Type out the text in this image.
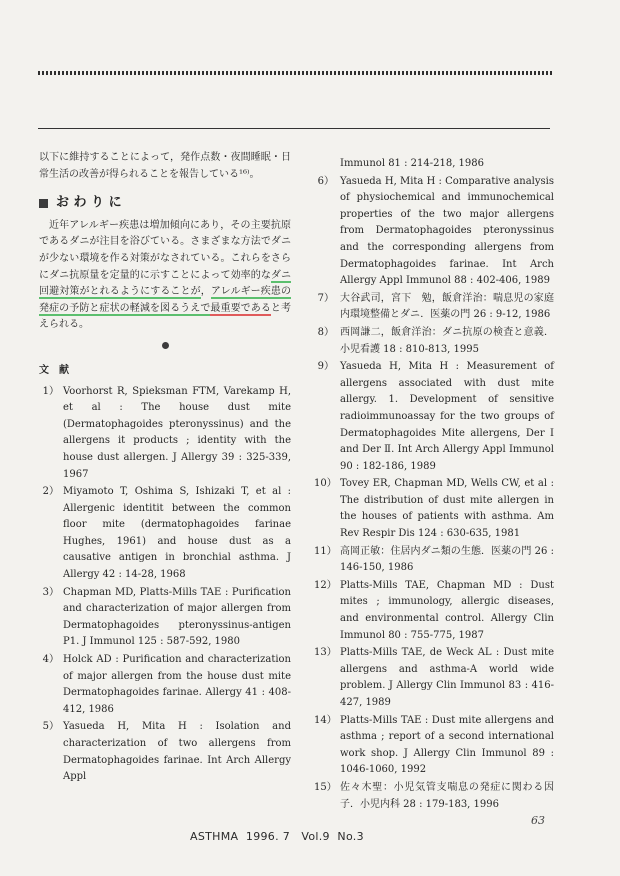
以下に維持することによって，発作点数・夜間睡眠・日常生活の改善が得られることを報告している¹⁶⁾。

お わ り に

近年アレルギー疾患は増加傾向にあり，その主要抗原であるダニが注目を浴びている。さまざまな方法でダニが少ない環境を作る対策がなされている。これらをさらにダニ抗原量を定量的に示すことによって効率的なダニ回避対策がとれるようにすることが，アレルギー疾患の発症の予防と症状の軽減を図るうえで最重要であると考えられる。

文　献
1） Voorhorst R, Spieksman FTM, Varekamp H, et al : The house dust mite (Dermatophagoides pteronyssinus) and the allergens it products ; identity with the house dust allergen. J Allergy 39 : 325-339, 1967
2） Miyamoto T, Oshima S, Ishizaki T, et al : Allergenic identitit between the common floor mite (dermatophagoides farinae Hughes, 1961) and house dust as a causative antigen in bronchial asthma. J Allergy 42 : 14-28, 1968
3） Chapman MD, Platts-Mills TAE : Purification and characterization of major allergen from Dermatophagoides pteronyssinus-antigen P1. J Immunol 125 : 587-592, 1980
4） Holck AD : Purification and characterization of major allergen from the house dust mite Dermatophagoides farinae. Allergy 41 : 408-412, 1986
5） Yasueda H, Mita H : Isolation and characterization of two allergens from Dermatophagoides farinae. Int Arch Allergy Appl
Immunol 81 : 214-218, 1986
6） Yasueda H, Mita H : Comparative analysis of physiochemical and immunochemical properties of the two major allergens from Dermatophagoides pteronyssinus and the corresponding allergens from Dermatophagoides farinae. Int Arch Allergy Appl Immunol 88 : 402-406, 1989
7） 大谷武司，宮下　勉，飯倉洋治：喘息児の家庭内環境整備とダニ．医薬の門 26 : 9-12, 1986
8） 西岡謙二，飯倉洋治：ダニ抗原の検査と意義．小児看護 18 : 810-813, 1995
9） Yasueda H, Mita H : Measurement of allergens associated with dust mite allergy. 1. Development of sensitive radioimmunoassay for the two groups of Dermatophagoides Mite allergens, Der Ⅰ and Der Ⅱ. Int Arch Allergy Appl Immunol 90 : 182-186, 1989
10） Tovey ER, Chapman MD, Wells CW, et al : The distribution of dust mite allergen in the houses of patients with asthma. Am Rev Respir Dis 124 : 630-635, 1981
11） 高岡正敏：住居内ダニ類の生態．医薬の門 26 : 146-150, 1986
12） Platts-Mills TAE, Chapman MD : Dust mites ; immunology, allergic diseases, and environmental control. Allergy Clin Immunol 80 : 755-775, 1987
13） Platts-Mills TAE, de Weck AL : Dust mite allergens and asthma-A world wide problem. J Allergy Clin Immunol 83 : 416-427, 1989
14） Platts-Mills TAE : Dust mite allergens and asthma ; report of a second international work shop. J Allergy Clin Immunol 89 : 1046-1060, 1992
15） 佐々木聖：小児気管支喘息の発症に関わる因子．小児内科 28 : 179-183, 1996
63
ASTHMA  1996. 7   Vol.9  No.3
